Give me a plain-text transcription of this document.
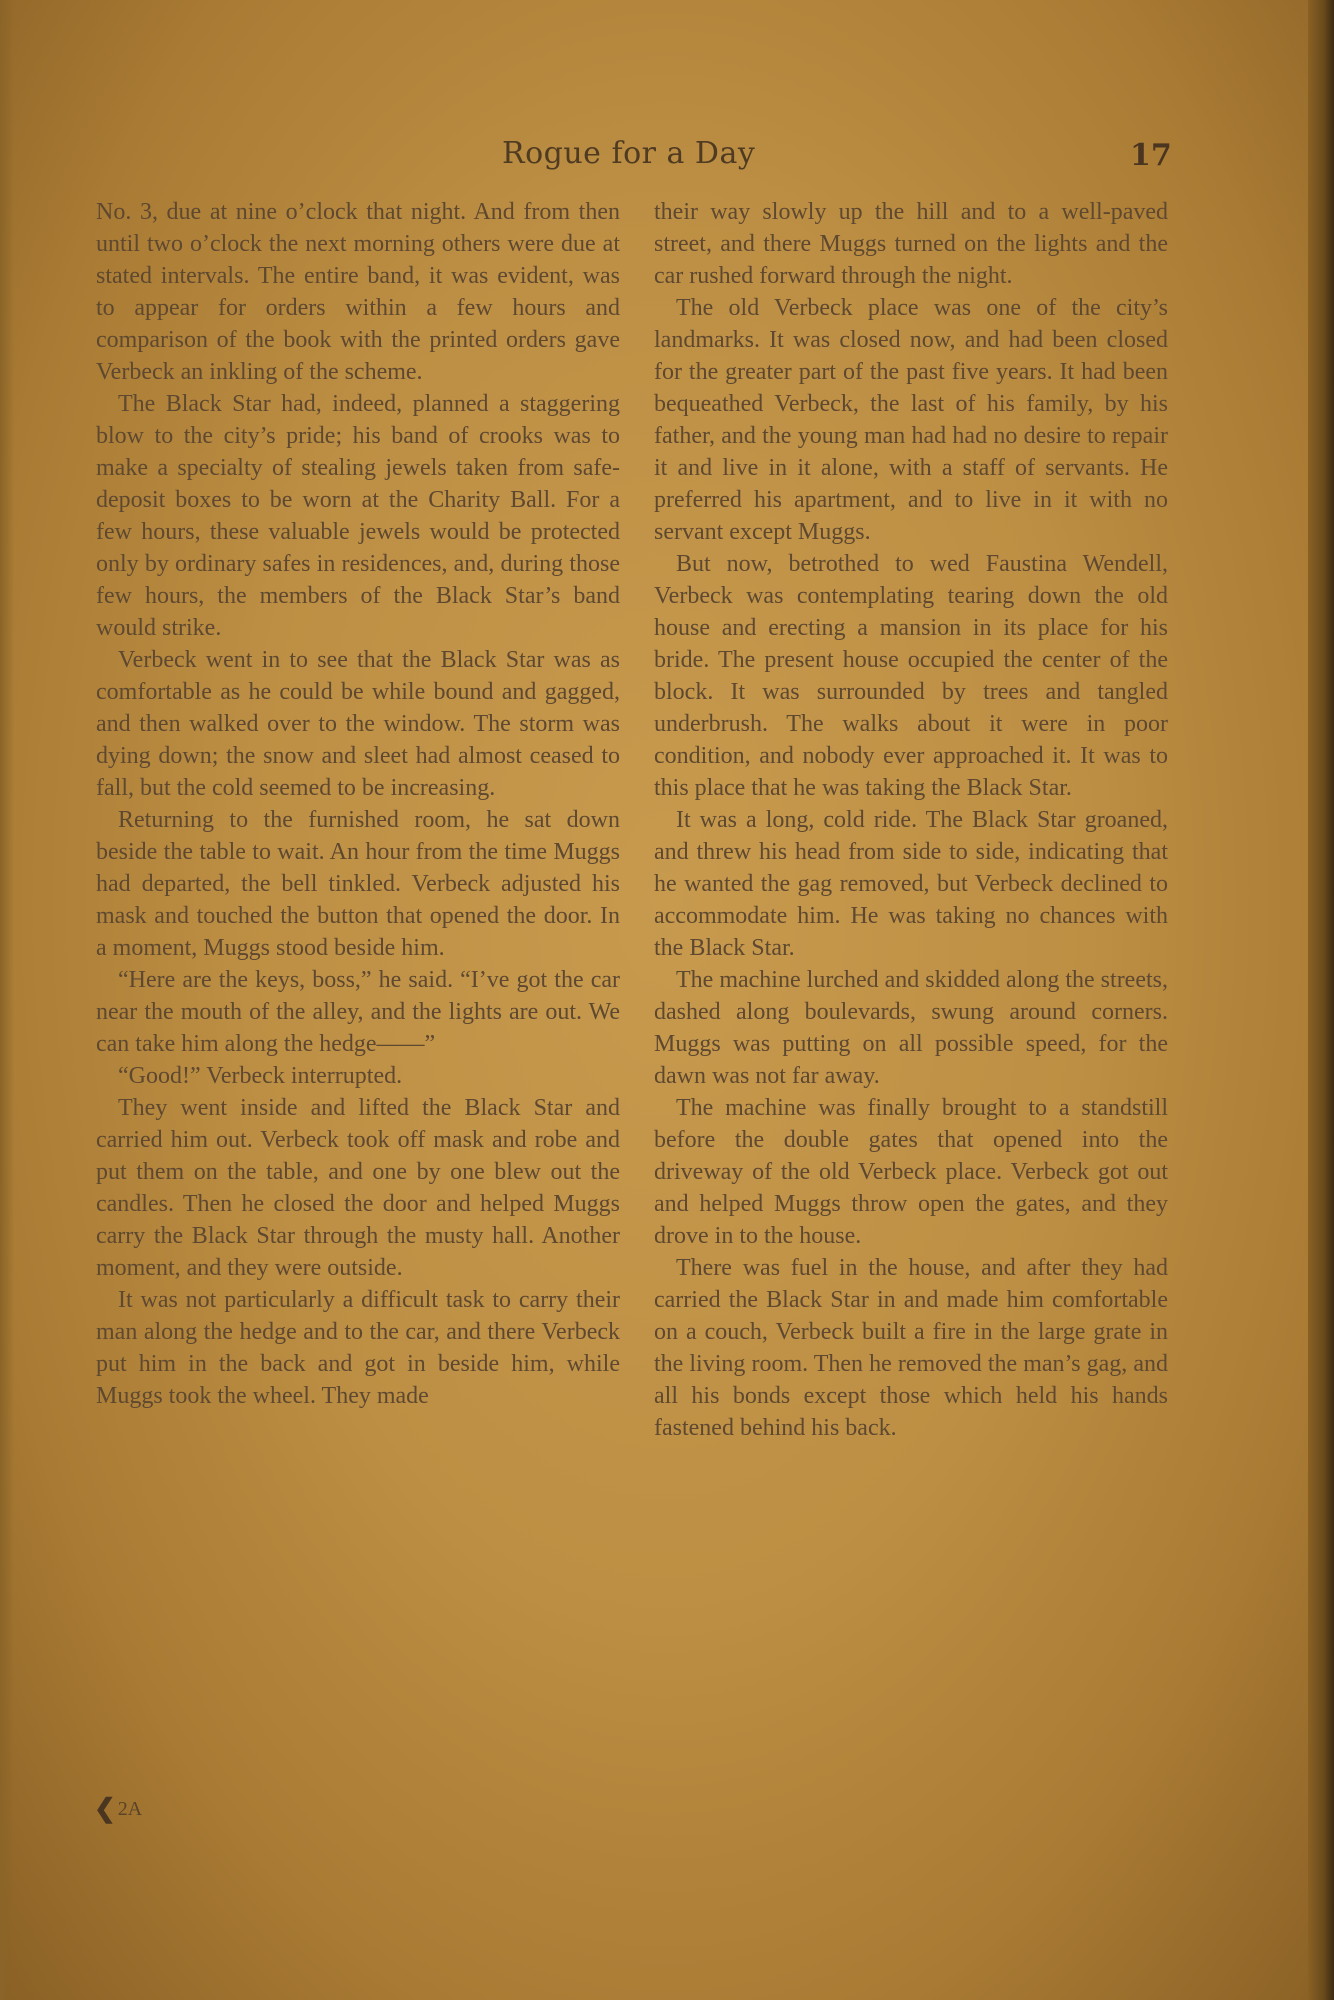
Rogue for a Day	17

No. 3, due at nine o’clock that night. And from then until two o’clock the next morning others were due at stated intervals. The entire band, it was evident, was to appear for orders within a few hours and comparison of the book with the printed orders gave Verbeck an inkling of the scheme.

The Black Star had, indeed, planned a staggering blow to the city’s pride; his band of crooks was to make a specialty of stealing jewels taken from safe-deposit boxes to be worn at the Charity Ball. For a few hours, these valuable jewels would be protected only by ordinary safes in residences, and, during those few hours, the members of the Black Star’s band would strike.

Verbeck went in to see that the Black Star was as comfortable as he could be while bound and gagged, and then walked over to the window. The storm was dying down; the snow and sleet had almost ceased to fall, but the cold seemed to be increasing.

Returning to the furnished room, he sat down beside the table to wait. An hour from the time Muggs had departed, the bell tinkled. Verbeck adjusted his mask and touched the button that opened the door. In a moment, Muggs stood beside him.

“Here are the keys, boss,” he said. “I’ve got the car near the mouth of the alley, and the lights are out. We can take him along the hedge——”

“Good!” Verbeck interrupted.

They went inside and lifted the Black Star and carried him out. Verbeck took off mask and robe and put them on the table, and one by one blew out the candles. Then he closed the door and helped Muggs carry the Black Star through the musty hall. Another moment, and they were outside.

It was not particularly a difficult task to carry their man along the hedge and to the car, and there Verbeck put him in the back and got in beside him, while Muggs took the wheel. They made

their way slowly up the hill and to a well-paved street, and there Muggs turned on the lights and the car rushed forward through the night.

The old Verbeck place was one of the city’s landmarks. It was closed now, and had been closed for the greater part of the past five years. It had been bequeathed Verbeck, the last of his family, by his father, and the young man had had no desire to repair it and live in it alone, with a staff of servants. He preferred his apartment, and to live in it with no servant except Muggs.

But now, betrothed to wed Faustina Wendell, Verbeck was contemplating tearing down the old house and erecting a mansion in its place for his bride. The present house occupied the center of the block. It was surrounded by trees and tangled underbrush. The walks about it were in poor condition, and nobody ever approached it. It was to this place that he was taking the Black Star.

It was a long, cold ride. The Black Star groaned, and threw his head from side to side, indicating that he wanted the gag removed, but Verbeck declined to accommodate him. He was taking no chances with the Black Star.

The machine lurched and skidded along the streets, dashed along boulevards, swung around corners. Muggs was putting on all possible speed, for the dawn was not far away.

The machine was finally brought to a standstill before the double gates that opened into the driveway of the old Verbeck place. Verbeck got out and helped Muggs throw open the gates, and they drove in to the house.

There was fuel in the house, and after they had carried the Black Star in and made him comfortable on a couch, Verbeck built a fire in the large grate in the living room. Then he removed the man’s gag, and all his bonds except those which held his hands fastened behind his back.

❮ 2A
